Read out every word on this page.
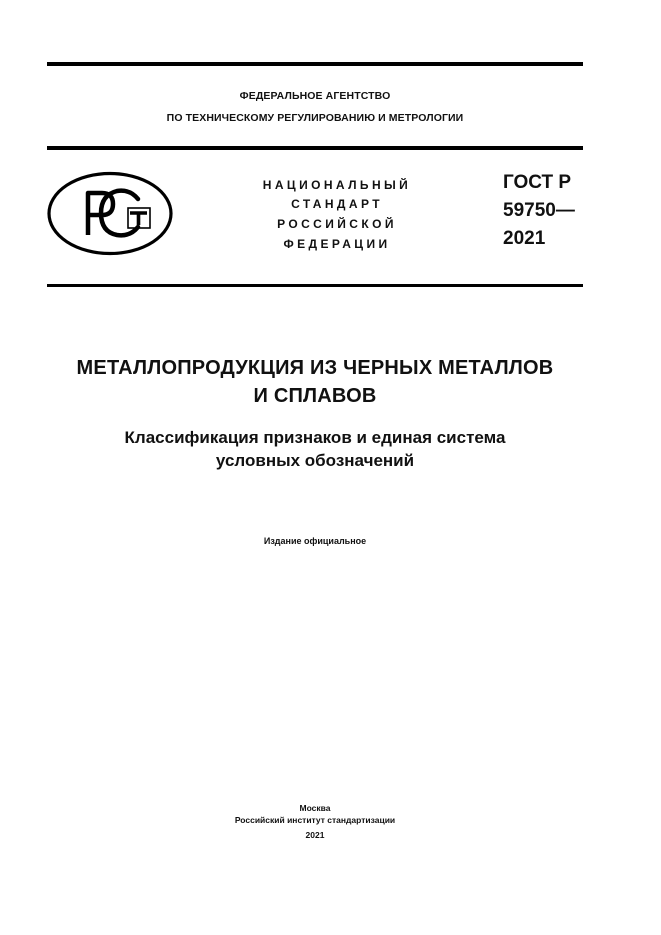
ФЕДЕРАЛЬНОЕ АГЕНТСТВО
ПО ТЕХНИЧЕСКОМУ РЕГУЛИРОВАНИЮ И МЕТРОЛОГИИ
НАЦИОНАЛЬНЫЙ
СТАНДАРТ
РОССИЙСКОЙ
ФЕДЕРАЦИИ
ГОСТ Р
59750—
2021
МЕТАЛЛОПРОДУКЦИЯ ИЗ ЧЕРНЫХ МЕТАЛЛОВ
И СПЛАВОВ
Классификация признаков и единая система
условных обозначений
Издание официальное
Москва
Российский институт стандартизации
2021
